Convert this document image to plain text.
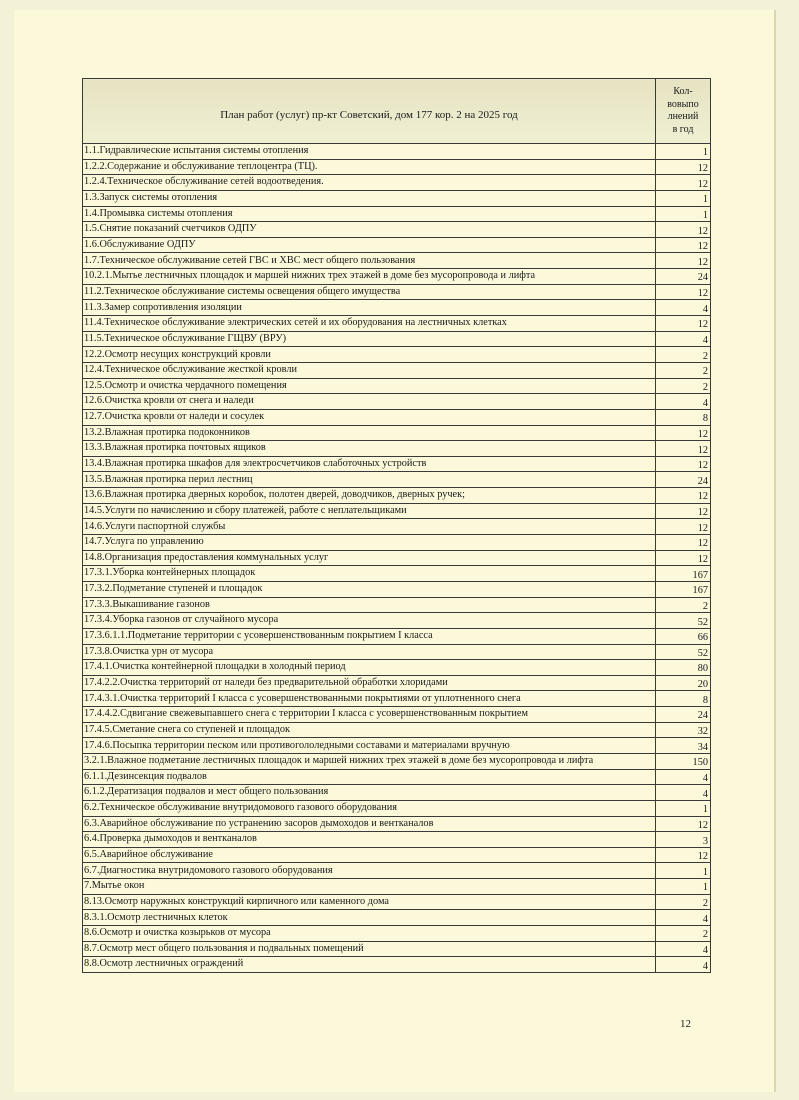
План работ (услуг) пр-кт Советский, дом 177 кор. 2 на 2025 год	Кол-
вовыпо
лнений
в год

1.1.Гидравлические испытания системы отопления	1
1.2.2.Содержание и обслуживание теплоцентра (ТЦ).	12
1.2.4.Техническое обслуживание сетей водоотведения.	12
1.3.Запуск системы отопления	1
1.4.Промывка системы отопления	1
1.5.Снятие показаний счетчиков ОДПУ	12
1.6.Обслуживание ОДПУ	12
1.7.Техническое обслуживание сетей ГВС и ХВС мест общего пользования	12
10.2.1.Мытье лестничных площадок и маршей нижних трех этажей в доме без мусоропровода и лифта	24
11.2.Техническое обслуживание системы освещения общего имущества	12
11.3.Замер сопротивления изоляции	4
11.4.Техническое обслуживание электрических сетей и их оборудования на лестничных клетках	12
11.5.Техническое обслуживание ГЩВУ (ВРУ)	4
12.2.Осмотр несущих конструкций кровли	2
12.4.Техническое обслуживание жесткой кровли	2
12.5.Осмотр и очистка чердачного помещения	2
12.6.Очистка кровли от снега и наледи	4
12.7.Очистка кровли от наледи и сосулек	8
13.2.Влажная протирка подоконников	12
13.3.Влажная протирка почтовых ящиков	12
13.4.Влажная протирка шкафов для электросчетчиков слаботочных устройств	12
13.5.Влажная протирка перил лестниц	24
13.6.Влажная протирка дверных коробок, полотен дверей, доводчиков, дверных ручек;	12
14.5.Услуги по начислению и сбору платежей, работе с неплательщиками	12
14.6.Услуги паспортной службы	12
14.7.Услуга по управлению	12
14.8.Организация предоставления коммунальных услуг	12
17.3.1.Уборка контейнерных площадок	167
17.3.2.Подметание ступеней и площадок	167
17.3.3.Выкашивание газонов	2
17.3.4.Уборка газонов от случайного мусора	52
17.3.6.1.1.Подметание территории с усовершенствованным покрытием I класса	66
17.3.8.Очистка урн от мусора	52
17.4.1.Очистка контейнерной площадки в холодный период	80
17.4.2.2.Очистка территорий от наледи без предварительной обработки хлоридами	20
17.4.3.1.Очистка территорий I класса с усовершенствованными покрытиями от уплотненного снега	8
17.4.4.2.Сдвигание свежевыпавшего снега с территории I класса с усовершенствованным покрытием	24
17.4.5.Сметание снега со ступеней и площадок	32
17.4.6.Посыпка территории песком или противогололедными составами и материалами вручную	34
3.2.1.Влажное подметание лестничных площадок и маршей нижних трех этажей в доме без мусоропровода и лифта	150
6.1.1.Дезинсекция подвалов	4
6.1.2.Дератизация подвалов и мест общего пользования	4
6.2.Техническое обслуживание внутридомового газового оборудования	1
6.3.Аварийное обслуживание по устранению засоров дымоходов и вентканалов	12
6.4.Проверка дымоходов и вентканалов	3
6.5.Аварийное обслуживание	12
6.7.Диагностика внутридомового газового оборудования	1
7.Мытье окон	1
8.13.Осмотр наружных конструкций кирпичного или каменного дома	2
8.3.1.Осмотр лестничных клеток	4
8.6.Осмотр и очистка козырьков от мусора	2
8.7.Осмотр мест общего пользования и подвальных помещений	4
8.8.Осмотр лестничных ограждений	4
12
